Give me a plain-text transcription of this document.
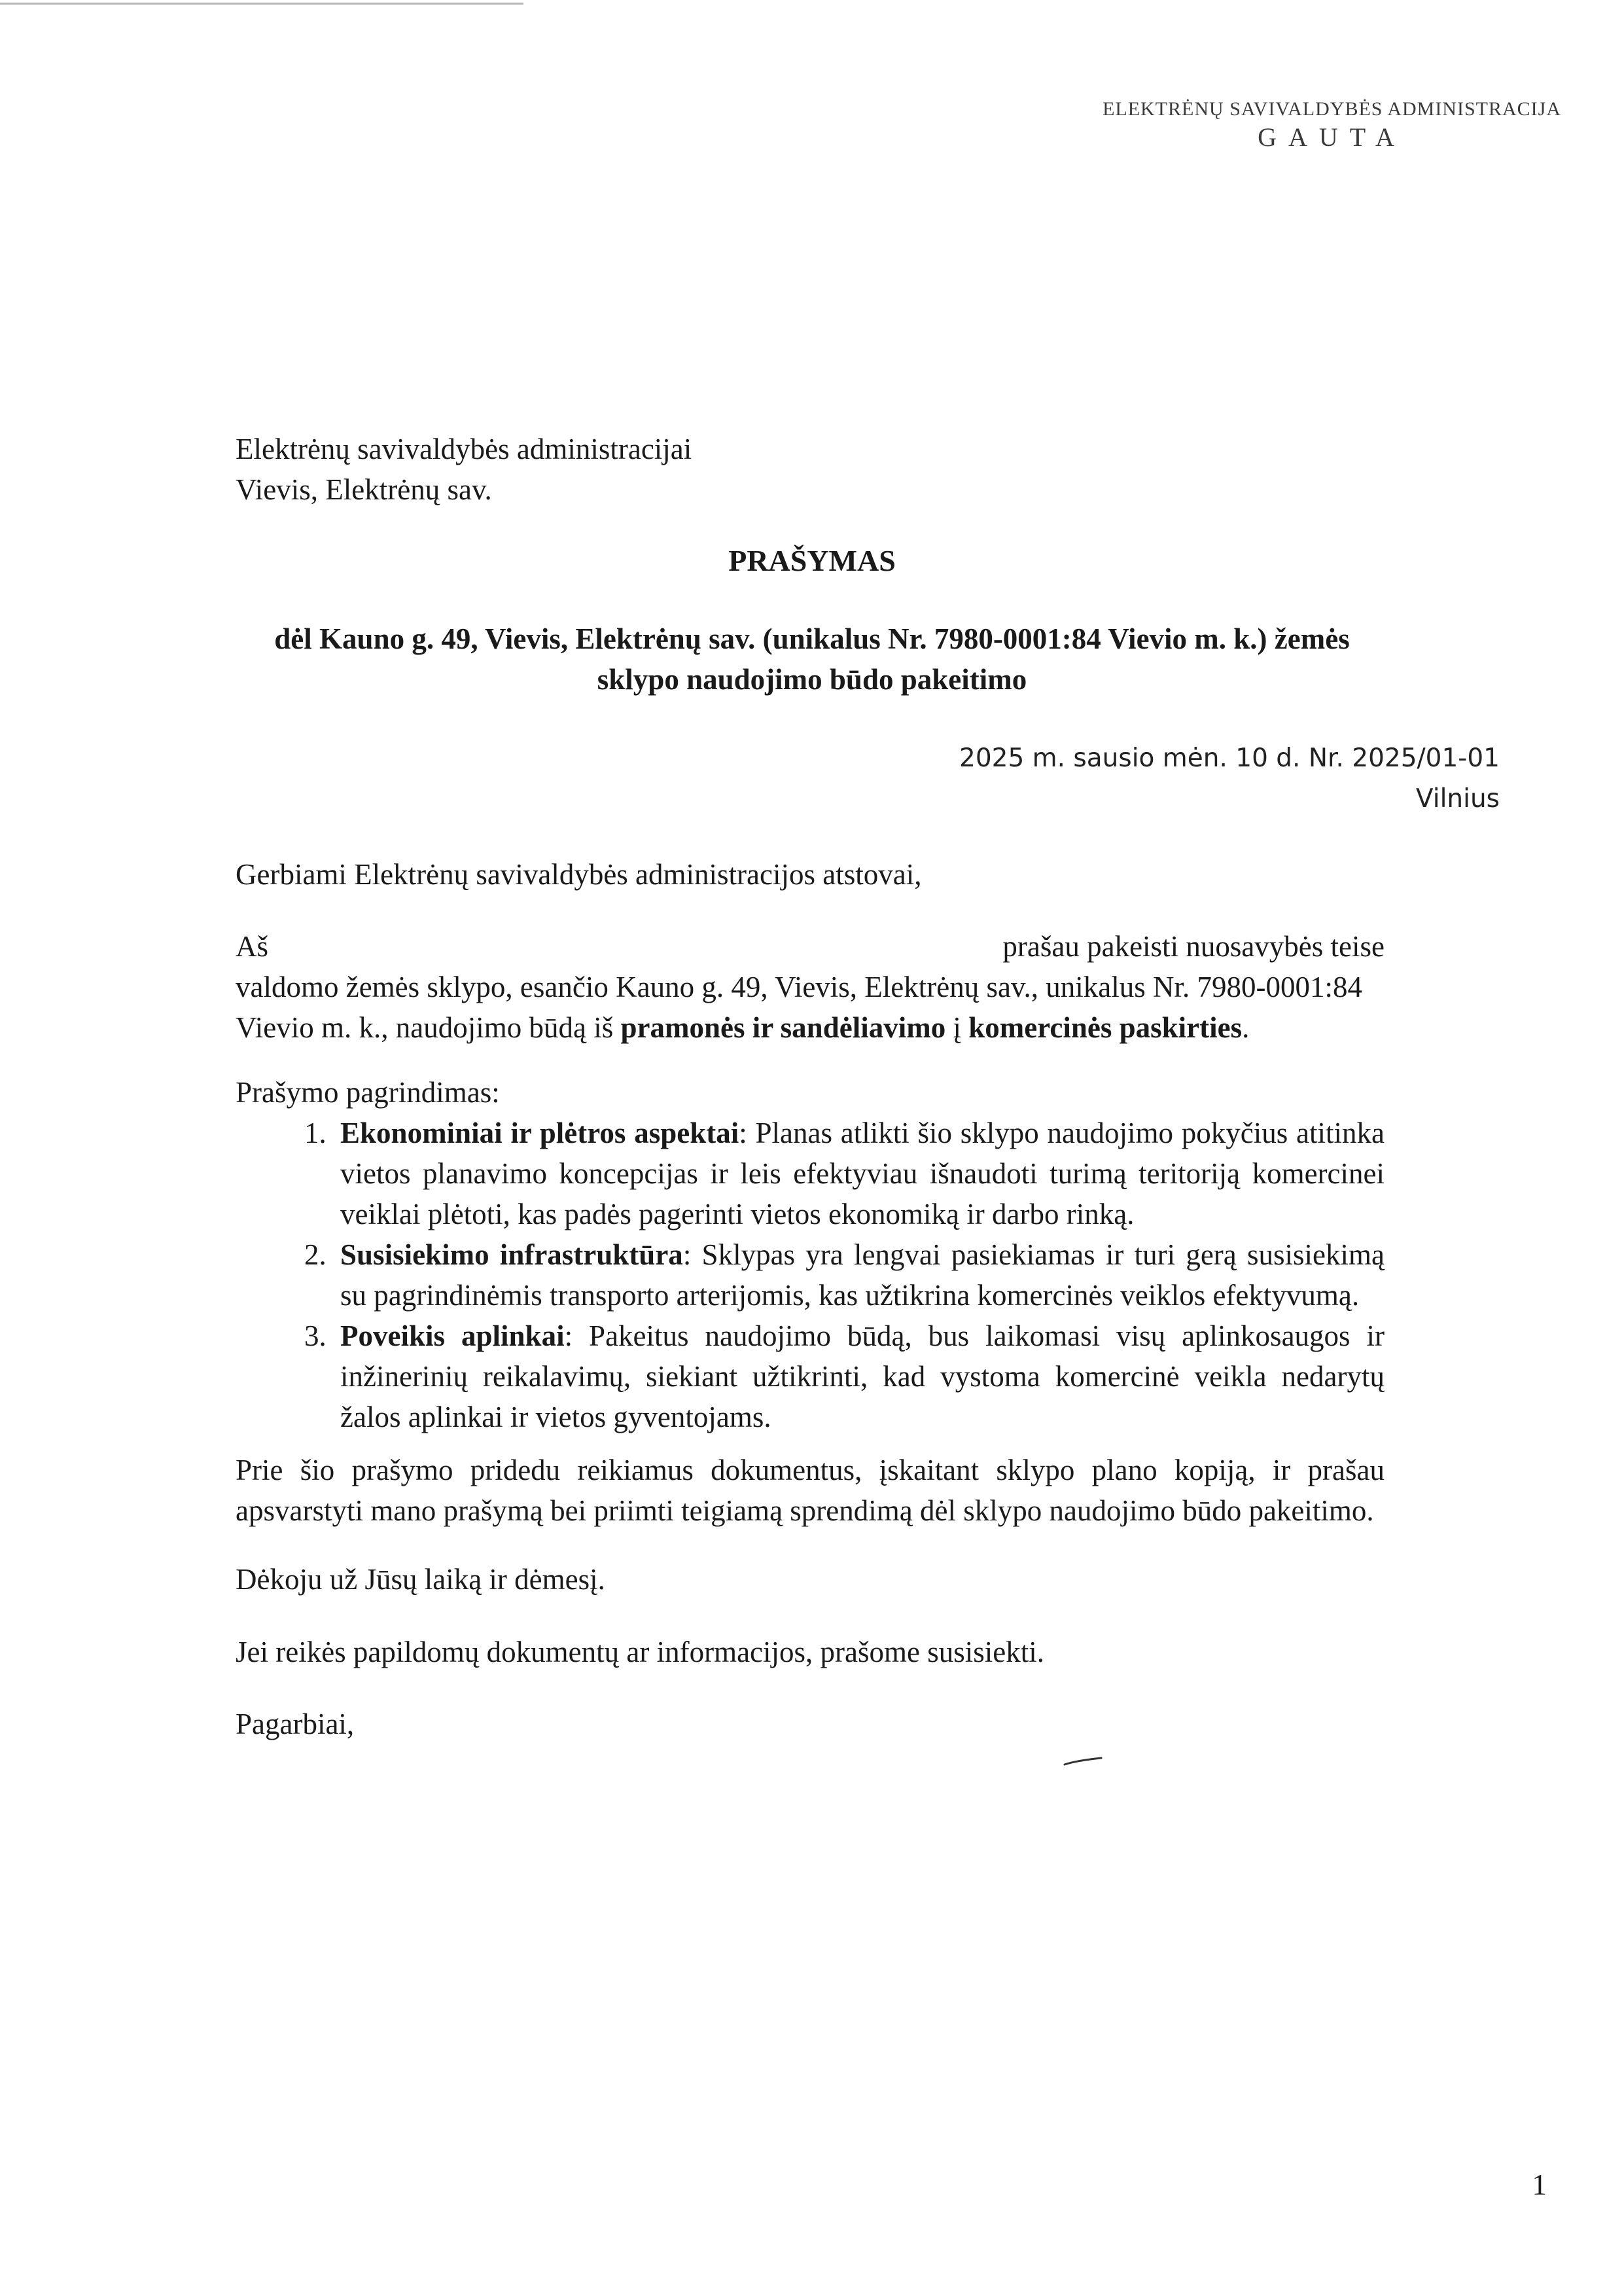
ELEKTRĖNŲ SAVIVALDYBĖS ADMINISTRACIJA
GAUTA
Elektrėnų savivaldybės administracijai
Vievis, Elektrėnų sav.
PRAŠYMAS
dėl Kauno g. 49, Vievis, Elektrėnų sav. (unikalus Nr. 7980-0001:84 Vievio m. k.) žemės
sklypo naudojimo būdo pakeitimo
2025 m. sausio mėn. 10 d. Nr. 2025/01-01
Vilnius
Gerbiami Elektrėnų savivaldybės administracijos atstovai,
Aš	prašau pakeisti nuosavybės teise

valdomo žemės sklypo, esančio Kauno g. 49, Vievis, Elektrėnų sav., unikalus Nr. 7980-0001:84

Vievio m. k., naudojimo būdą iš pramonės ir sandėliavimo į komercinės paskirties.

Prašymo pagrindimas:
1. Ekonominiai ir plėtros aspektai: Planas atlikti šio sklypo naudojimo pokyčius atitinka vietos planavimo koncepcijas ir leis efektyviau išnaudoti turimą teritoriją komercinei veiklai plėtoti, kas padės pagerinti vietos ekonomiką ir darbo rinką.
2. Susisiekimo infrastruktūra: Sklypas yra lengvai pasiekiamas ir turi gerą susisiekimą su pagrindinėmis transporto arterijomis, kas užtikrina komercinės veiklos efektyvumą.
3. Poveikis aplinkai: Pakeitus naudojimo būdą, bus laikomasi visų aplinkosaugos ir inžinerinių reikalavimų, siekiant užtikrinti, kad vystoma komercinė veikla nedarytų žalos aplinkai ir vietos gyventojams.
Prie šio prašymo pridedu reikiamus dokumentus, įskaitant sklypo plano kopiją, ir prašau apsvarstyti mano prašymą bei priimti teigiamą sprendimą dėl sklypo naudojimo būdo pakeitimo.
Dėkoju už Jūsų laiką ir dėmesį.
Jei reikės papildomų dokumentų ar informacijos, prašome susisiekti.
Pagarbiai,
1
